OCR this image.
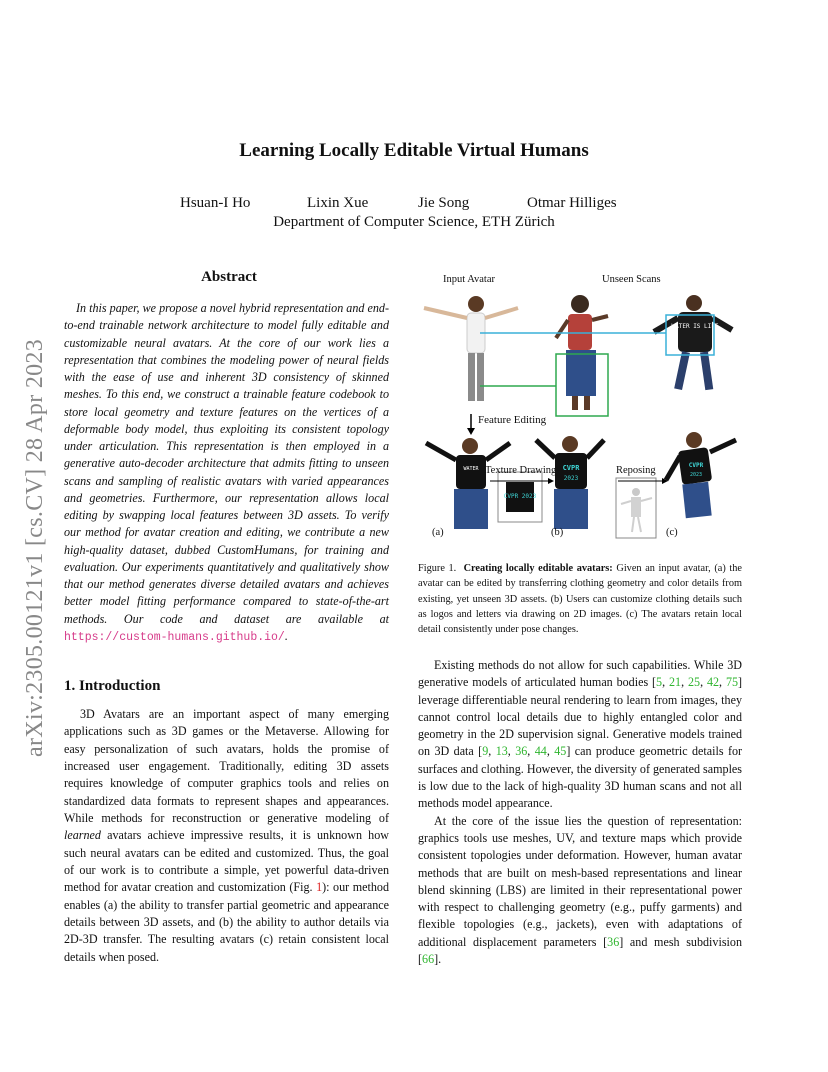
Learning Locally Editable Virtual Humans
Hsuan-I Ho	Lixin Xue	Jie Song	Otmar Hilliges
Department of Computer Science, ETH Zürich
arXiv:2305.00121v1 [cs.CV] 28 Apr 2023
Abstract
In this paper, we propose a novel hybrid representation and end-to-end trainable network architecture to model fully editable and customizable neural avatars. At the core of our work lies a representation that combines the modeling power of neural fields with the ease of use and inherent 3D consistency of skinned meshes. To this end, we construct a trainable feature codebook to store local geometry and texture features on the vertices of a deformable body model, thus exploiting its consistent topology under articulation. This representation is then employed in a generative auto-decoder architecture that admits fitting to unseen scans and sampling of realistic avatars with varied appearances and geometries. Furthermore, our representation allows local editing by swapping local features between 3D assets. To verify our method for avatar creation and editing, we contribute a new high-quality dataset, dubbed CustomHumans, for training and evaluation. Our experiments quantitatively and qualitatively show that our method generates diverse detailed avatars and achieves better model fitting performance compared to state-of-the-art methods. Our code and dataset are available at https://custom-humans.github.io/.
1. Introduction
3D Avatars are an important aspect of many emerging applications such as 3D games or the Metaverse. Allowing for easy personalization of such avatars, holds the promise of increased user engagement. Traditionally, editing 3D assets requires knowledge of computer graphics tools and relies on standardized data formats to represent shapes and appearances. While methods for reconstruction or generative modeling of learned avatars achieve impressive results, it is unknown how such neural avatars can be edited and customized. Thus, the goal of our work is to contribute a simple, yet powerful data-driven method for avatar creation and customization (Fig. 1): our method enables (a) the ability to transfer partial geometric and appearance details between 3D assets, and (b) the ability to author details via 2D-3D transfer. The resulting avatars (c) retain consistent local details when posed.
WATER IS LIFE
WATER	CVPR
2023
CVPR 2023
CVPR
2023
Input Avatar	Unseen Scans
Feature Editing
Texture Drawing	Reposing
(a)	(b)	(c)
Figure 1. Creating locally editable avatars: Given an input avatar, (a) the avatar can be edited by transferring clothing geometry and color details from existing, yet unseen 3D assets. (b) Users can customize clothing details such as logos and letters via drawing on 2D images. (c) The avatars retain local detail consistently under pose changes.

Existing methods do not allow for such capabilities. While 3D generative models of articulated human bodies [5, 21, 25, 42, 75] leverage differentiable neural rendering to learn from images, they cannot control local details due to highly entangled color and geometry in the 2D supervision signal. Generative models trained on 3D data [9, 13, 36, 44, 45] can produce geometric details for surfaces and clothing. However, the diversity of generated samples is low due to the lack of high-quality 3D human scans and not all methods model appearance.

At the core of the issue lies the question of representation: graphics tools use meshes, UV, and texture maps which provide consistent topologies under deformation. However, human avatar methods that are built on mesh-based representations and linear blend skinning (LBS) are limited in their representational power with respect to challenging geometry (e.g., puffy garments) and flexible topologies (e.g., jackets), even with adaptations of additional displacement parameters [36] and mesh subdivision [66].
